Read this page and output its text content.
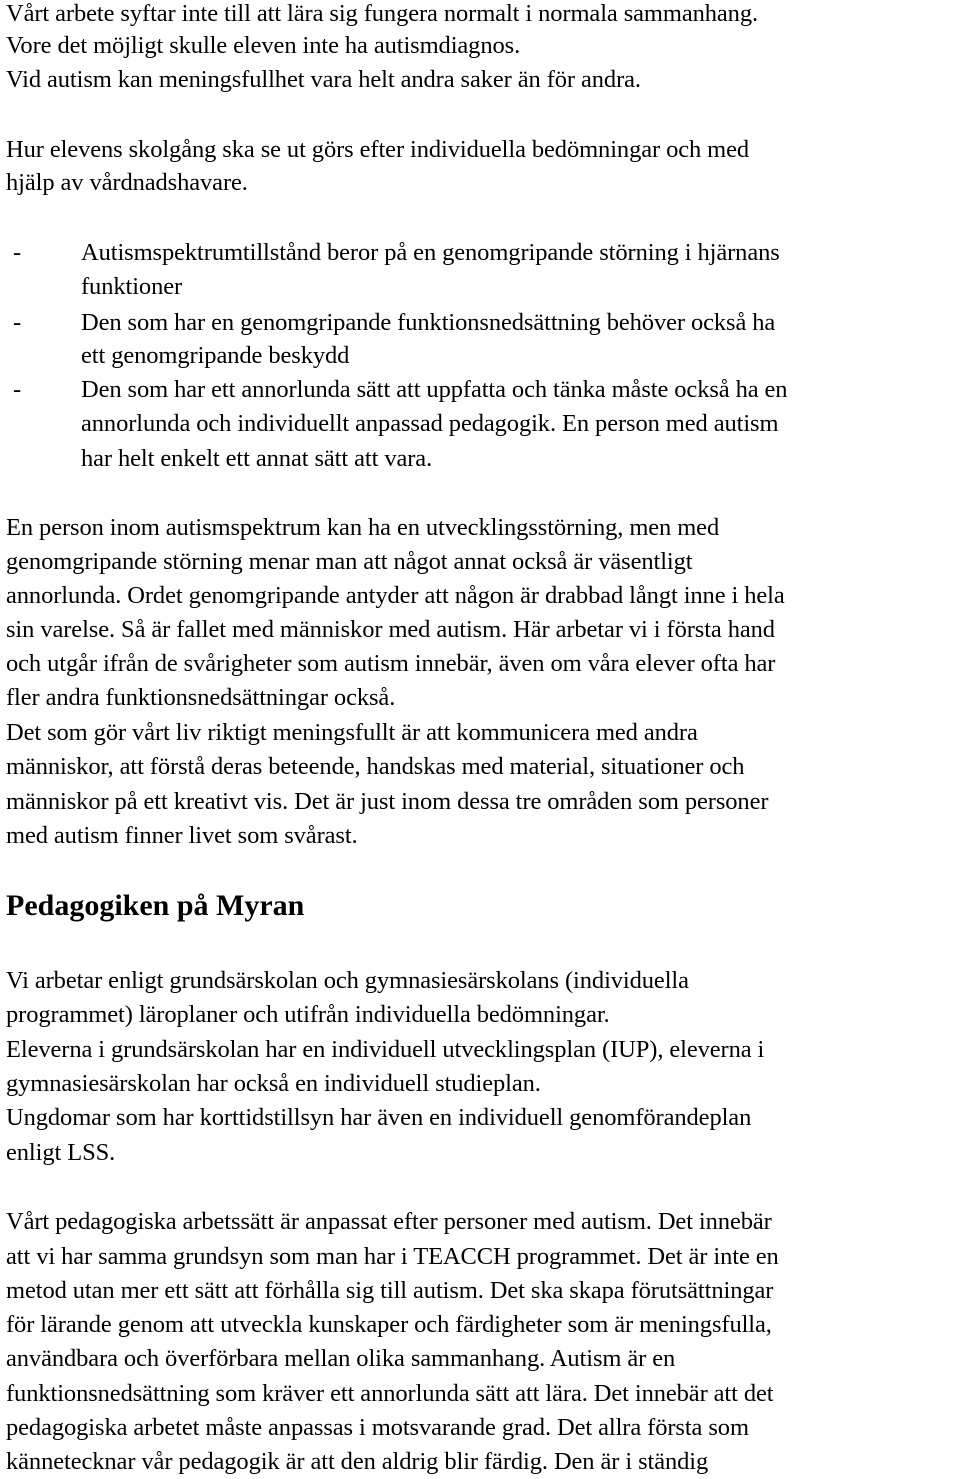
Vårt arbete syftar inte till att lära sig fungera normalt i normala sammanhang.
Vore det möjligt skulle eleven inte ha autismdiagnos.
Vid autism kan meningsfullhet vara helt andra saker än för andra.
Hur elevens skolgång ska se ut görs efter individuella bedömningar och med
hjälp av vårdnadshavare.
- Autismspektrumtillstånd beror på en genomgripande störning i hjärnans
funktioner
- Den som har en genomgripande funktionsnedsättning behöver också ha
ett genomgripande beskydd
- Den som har ett annorlunda sätt att uppfatta och tänka måste också ha en
annorlunda och individuellt anpassad pedagogik. En person med autism
har helt enkelt ett annat sätt att vara.
En person inom autismspektrum kan ha en utvecklingsstörning, men med
genomgripande störning menar man att något annat också är väsentligt
annorlunda. Ordet genomgripande antyder att någon är drabbad långt inne i hela
sin varelse. Så är fallet med människor med autism. Här arbetar vi i första hand
och utgår ifrån de svårigheter som autism innebär, även om våra elever ofta har
fler andra funktionsnedsättningar också.
Det som gör vårt liv riktigt meningsfullt är att kommunicera med andra
människor, att förstå deras beteende, handskas med material, situationer och
människor på ett kreativt vis. Det är just inom dessa tre områden som personer
med autism finner livet som svårast.
Pedagogiken på Myran
Vi arbetar enligt grundsärskolan och gymnasiesärskolans (individuella
programmet) läroplaner och utifrån individuella bedömningar.
Eleverna i grundsärskolan har en individuell utvecklingsplan (IUP), eleverna i
gymnasiesärskolan har också en individuell studieplan.
Ungdomar som har korttidstillsyn har även en individuell genomförandeplan
enligt LSS.
Vårt pedagogiska arbetssätt är anpassat efter personer med autism. Det innebär
att vi har samma grundsyn som man har i TEACCH programmet. Det är inte en
metod utan mer ett sätt att förhålla sig till autism. Det ska skapa förutsättningar
för lärande genom att utveckla kunskaper och färdigheter som är meningsfulla,
användbara och överförbara mellan olika sammanhang. Autism är en
funktionsnedsättning som kräver ett annorlunda sätt att lära. Det innebär att det
pedagogiska arbetet måste anpassas i motsvarande grad. Det allra första som
kännetecknar vår pedagogik är att den aldrig blir färdig. Den är i ständig
